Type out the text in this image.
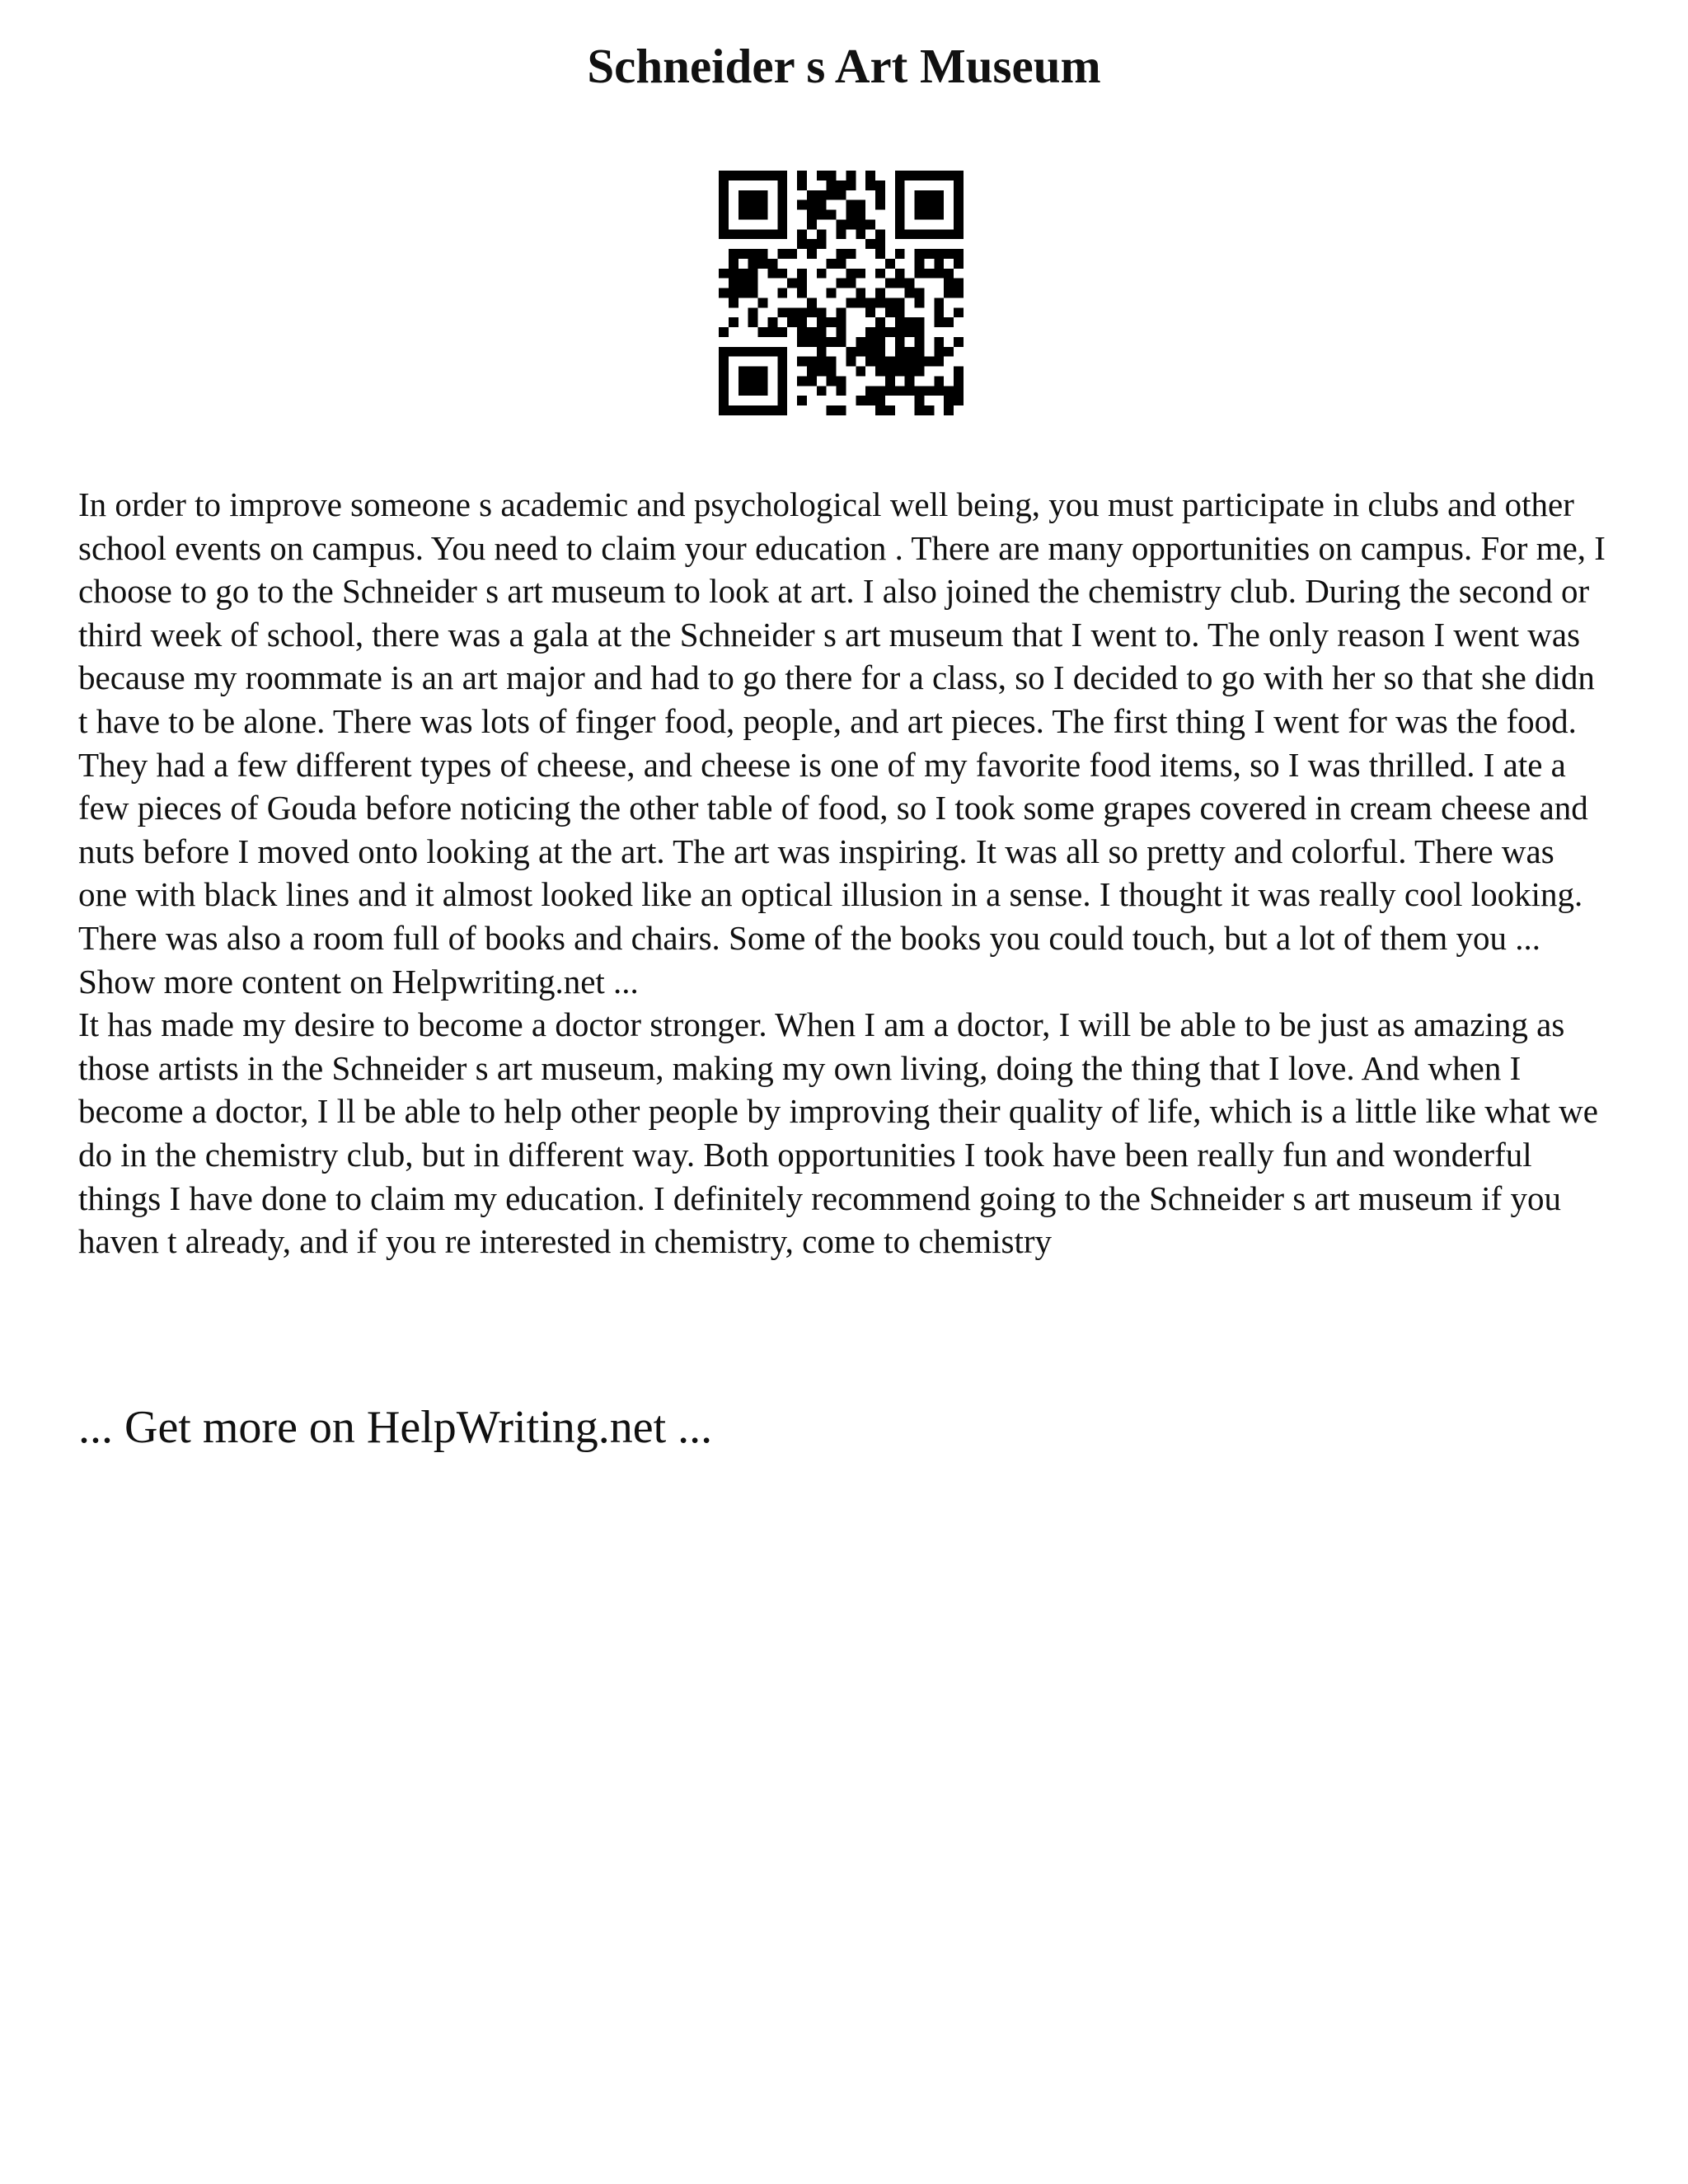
Schneider s Art Museum

In order to improve someone s academic and psychological well being, you must participate in clubs and other school events on campus. You need to claim your education . There are many opportunities on campus. For me, I choose to go to the Schneider s art museum to look at art. I also joined the chemistry club. During the second or third week of school, there was a gala at the Schneider s art museum that I went to. The only reason I went was because my roommate is an art major and had to go there for a class, so I decided to go with her so that she didn t have to be alone. There was lots of finger food, people, and art pieces. The first thing I went for was the food. They had a few different types of cheese, and cheese is one of my favorite food items, so I was thrilled. I ate a few pieces of Gouda before noticing the other table of food, so I took some grapes covered in cream cheese and nuts before I moved onto looking at the art. The art was inspiring. It was all so pretty and colorful. There was one with black lines and it almost looked like an optical illusion in a sense. I thought it was really cool looking. There was also a room full of books and chairs. Some of the books you could touch, but a lot of them you ... Show more content on Helpwriting.net ...

It has made my desire to become a doctor stronger. When I am a doctor, I will be able to be just as amazing as those artists in the Schneider s art museum, making my own living, doing the thing that I love. And when I become a doctor, I ll be able to help other people by improving their quality of life, which is a little like what we do in the chemistry club, but in different way. Both opportunities I took have been really fun and wonderful things I have done to claim my education. I definitely recommend going to the Schneider s art museum if you haven t already, and if you re interested in chemistry, come to chemistry

... Get more on HelpWriting.net ...
